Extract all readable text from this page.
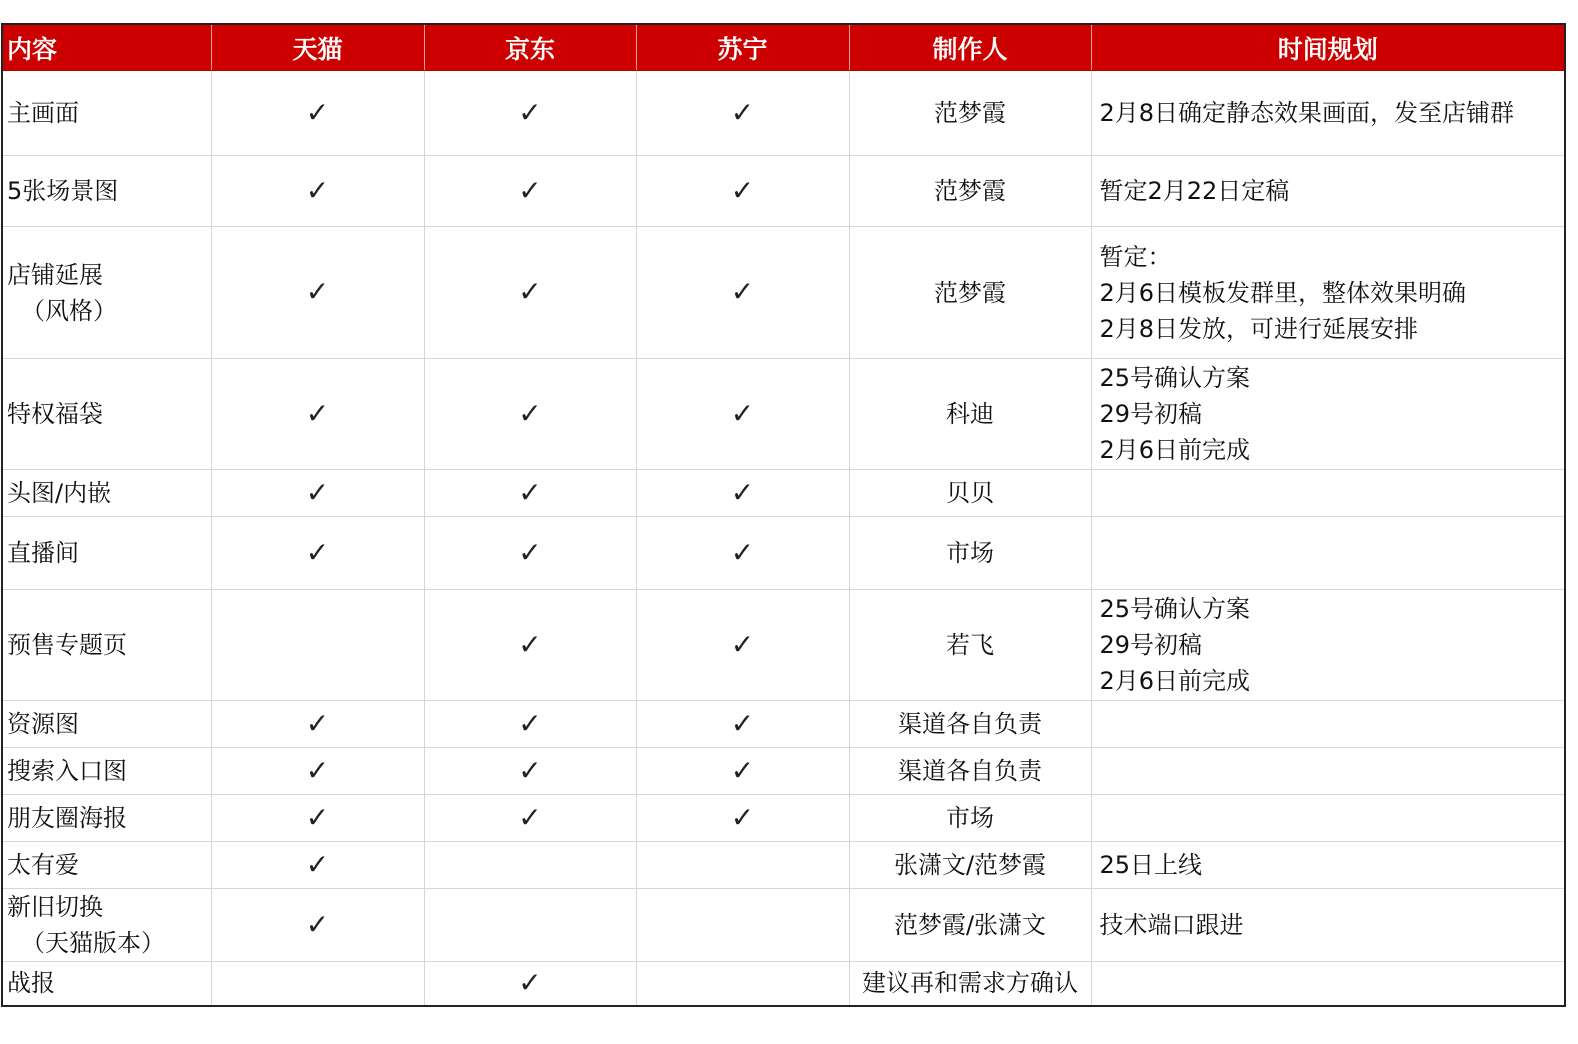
内容	天猫	京东	苏宁	制作人	时间规划

主画面	✓	✓	✓	范梦霞	2月8日确定静态效果画面，发至店铺群

5张场景图	✓	✓	✓	范梦霞	暂定2月22日定稿

店铺延展
（风格）	✓	✓	✓	范梦霞	暂定：
2月6日模板发群里，整体效果明确
2月8日发放，可进行延展安排

特权福袋	✓	✓	✓	科迪	25号确认方案
29号初稿
2月6日前完成

头图/内嵌	✓	✓	✓	贝贝	

直播间	✓	✓	✓	市场	

预售专题页		✓	✓	若飞	25号确认方案
29号初稿
2月6日前完成

资源图	✓	✓	✓	渠道各自负责	

搜索入口图	✓	✓	✓	渠道各自负责	

朋友圈海报	✓	✓	✓	市场	

太有爱	✓			张潇文/范梦霞	25日上线

新旧切换
（天猫版本）	✓			范梦霞/张潇文	技术端口跟进

战报		✓		建议再和需求方确认	
